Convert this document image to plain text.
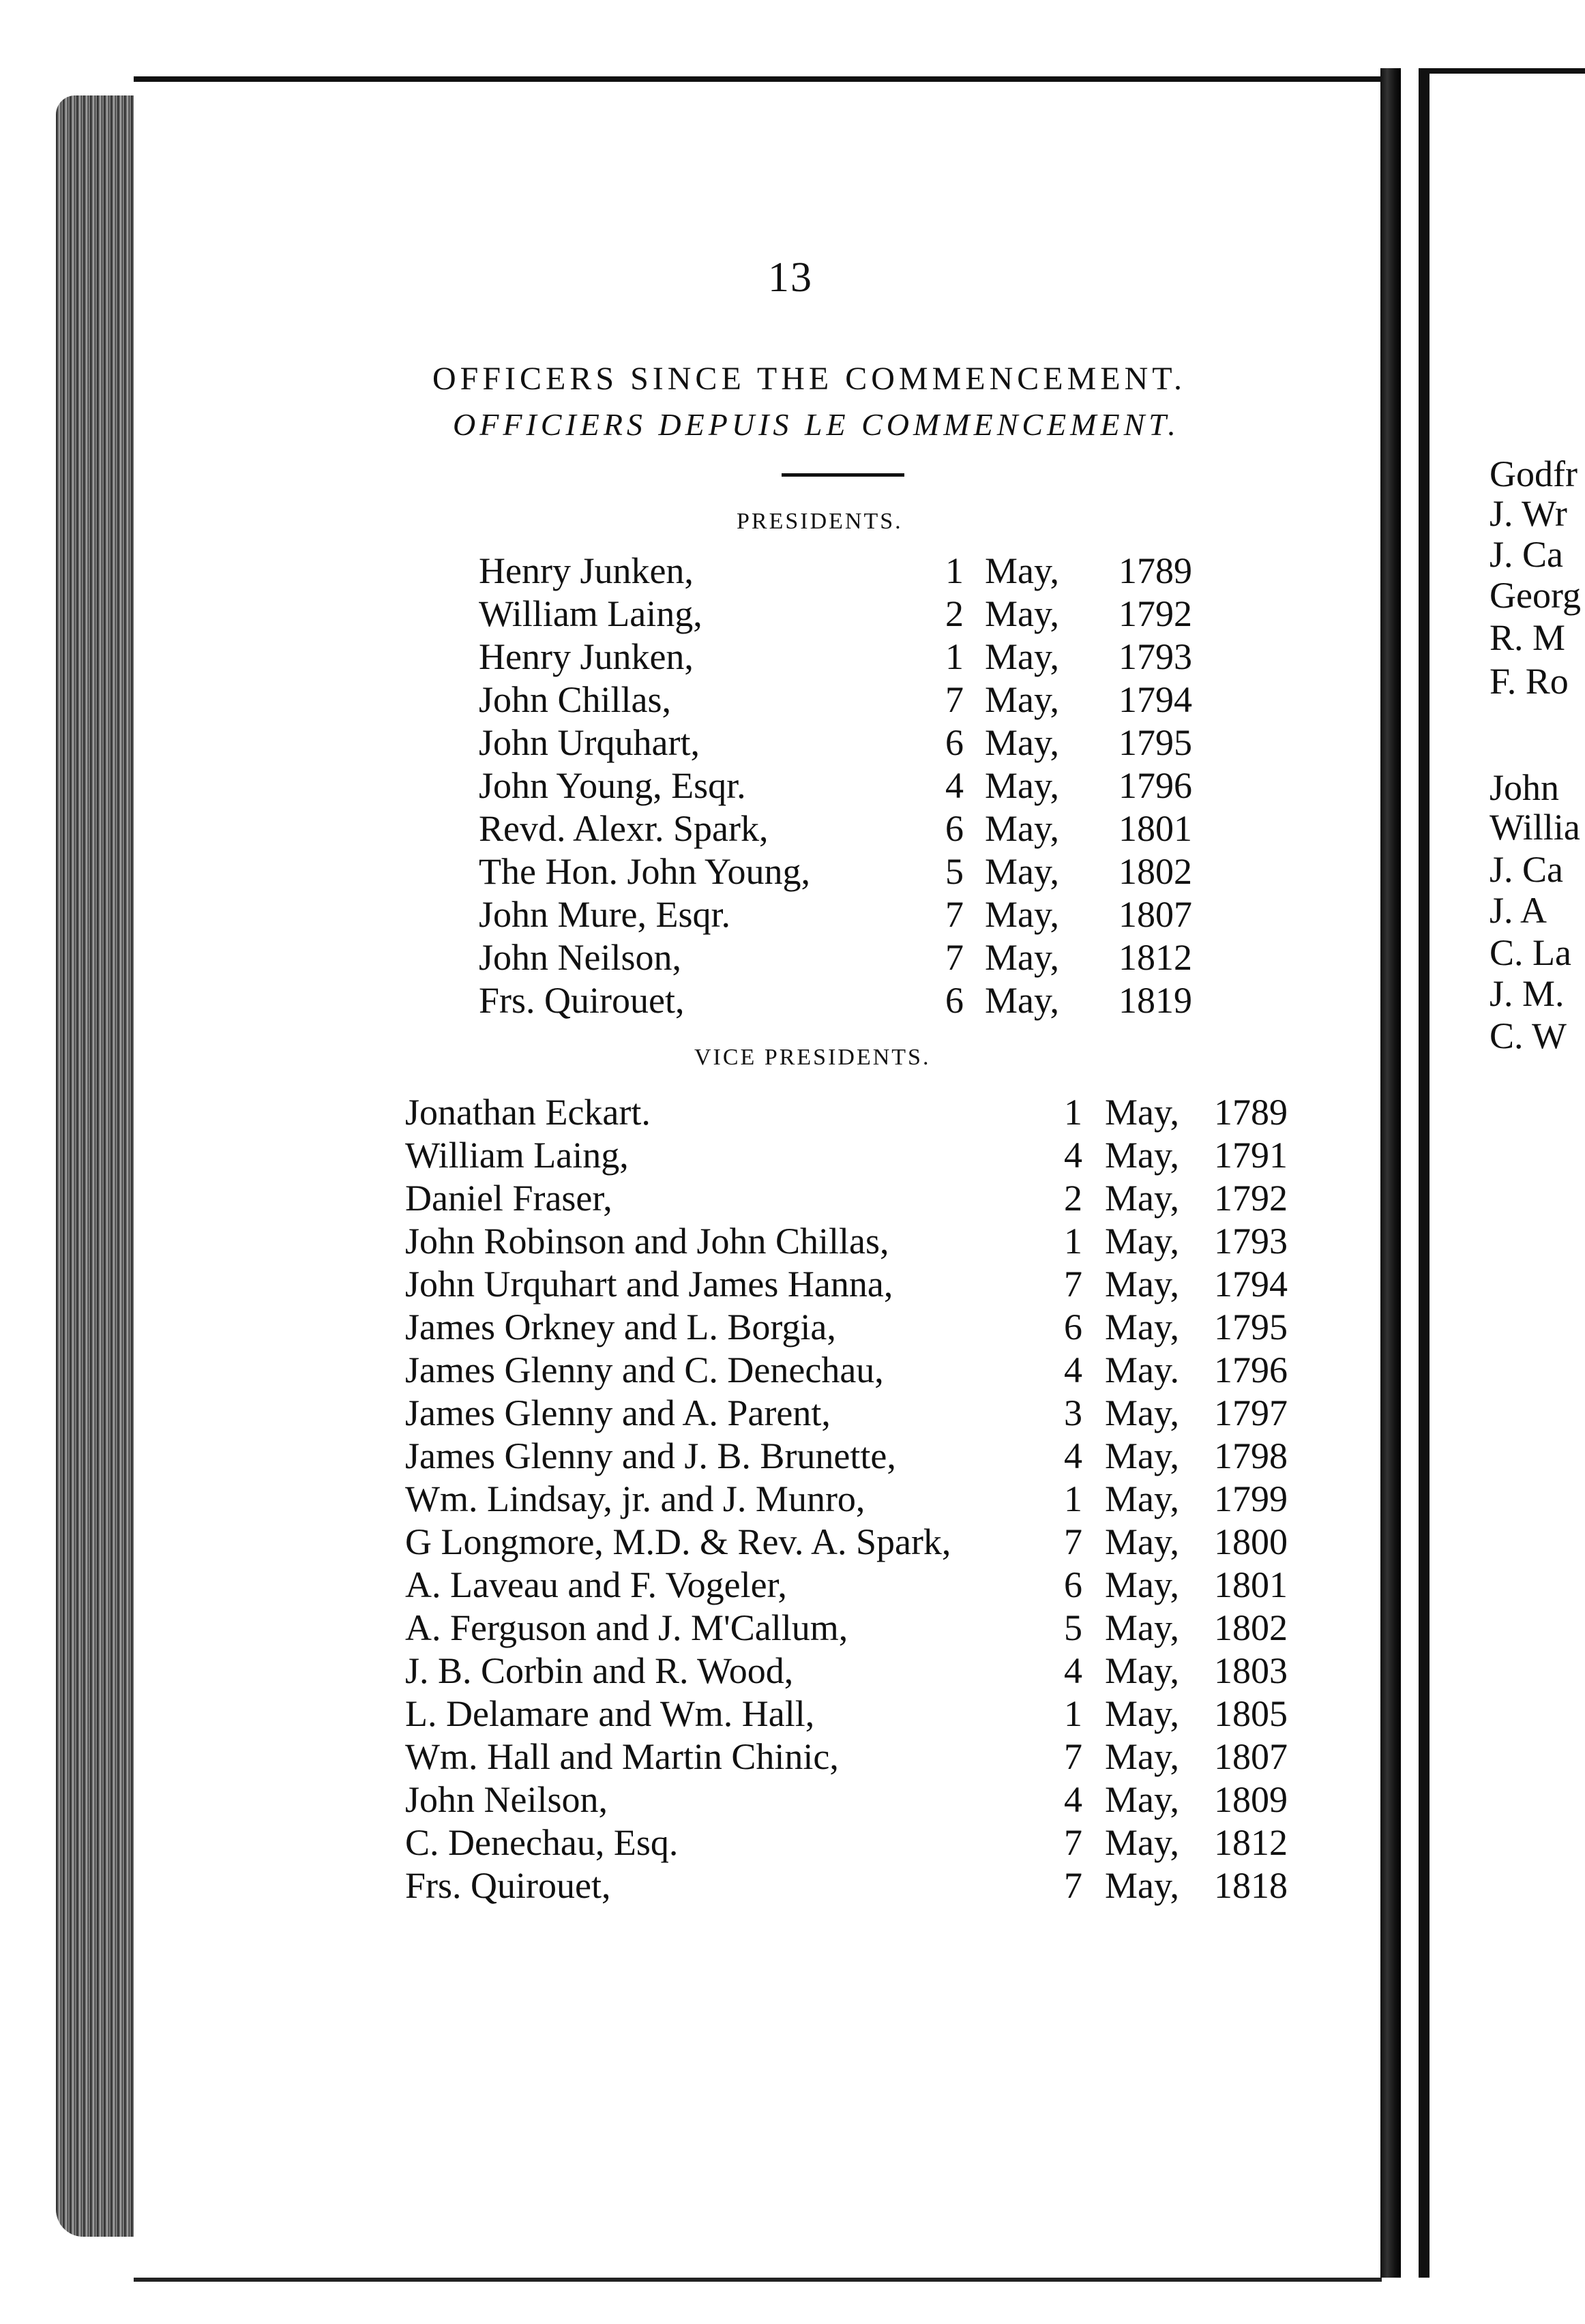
Godfr
J. Wr
J. Ca
Georg
R. M
F. Ro
John
Willia
J. Ca
J. A
C. La
J. M.
C. W
13
OFFICERS SINCE THE COMMENCEMENT.
OFFICIERS DEPUIS LE COMMENCEMENT.
PRESIDENTS.
Henry Junken,	1 May, 1789
William Laing,	2 May, 1792
Henry Junken,	1 May, 1793
John Chillas,	7 May, 1794
John Urquhart,	6 May, 1795
John Young, Esqr.	4 May, 1796
Revd. Alexr. Spark,	6 May, 1801
The Hon. John Young,	5 May, 1802
John Mure, Esqr.	7 May, 1807
John Neilson,	7 May, 1812
Frs. Quirouet,	6 May, 1819
VICE PRESIDENTS.
Jonathan Eckart.	1 May, 1789
William Laing,	4 May, 1791
Daniel Fraser,	2 May, 1792
John Robinson and John Chillas,	1 May, 1793
John Urquhart and James Hanna,	7 May, 1794
James Orkney and L. Borgia,	6 May, 1795
James Glenny and C. Denechau,	4 May. 1796
James Glenny and A. Parent,	3 May, 1797
James Glenny and J. B. Brunette,	4 May, 1798
Wm. Lindsay, jr. and J. Munro,	1 May, 1799
G Longmore, M.D. & Rev. A. Spark,	7 May, 1800
A. Laveau and F. Vogeler,	6 May, 1801
A. Ferguson and J. M'Callum,	5 May, 1802
J. B. Corbin and R. Wood,	4 May, 1803
L. Delamare and Wm. Hall,	1 May, 1805
Wm. Hall and Martin Chinic,	7 May, 1807
John Neilson,	4 May, 1809
C. Denechau, Esq.	7 May, 1812
Frs. Quirouet,	7 May, 1818
